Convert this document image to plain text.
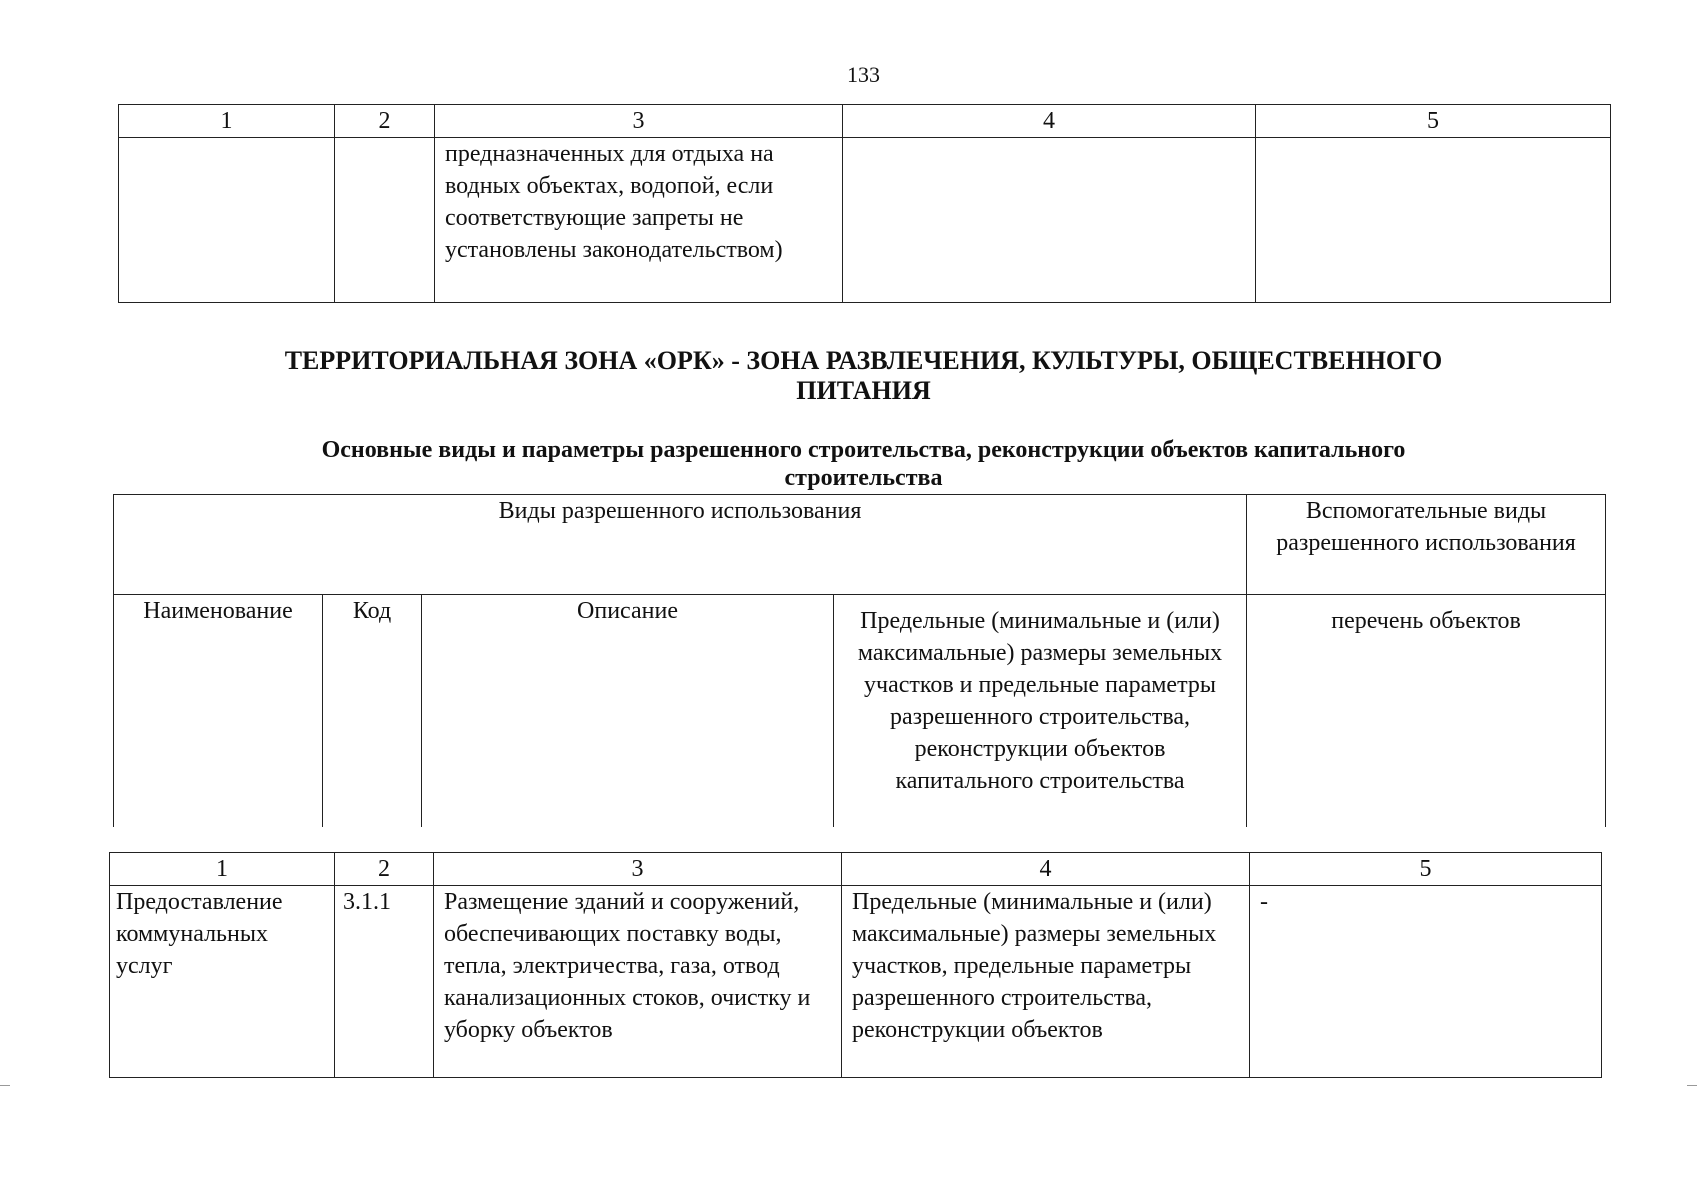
133
1	2	3	4	5
		предназначенных для отдыха на водных объектах, водопой, если соответствующие запреты не установлены законодательством)		
ТЕРРИТОРИАЛЬНАЯ ЗОНА «ОРК» - ЗОНА РАЗВЛЕЧЕНИЯ, КУЛЬТУРЫ, ОБЩЕСТВЕННОГО
ПИТАНИЯ
Основные виды и параметры разрешенного строительства, реконструкции объектов капитального
строительства
Виды разрешенного использования				Вспомогательные виды разрешенного использования
Наименование	Код	Описание	Предельные (минимальные и (или) максимальные) размеры земельных участков и предельные параметры разрешенного строительства, реконструкции объектов капитального строительства	перечень объектов
1	2	3	4	5
Предоставление коммунальных услуг	3.1.1	Размещение зданий и сооружений, обеспечивающих поставку воды, тепла, электричества, газа, отвод канализационных стоков, очистку и уборку объектов	Предельные (минимальные и (или) максимальные) размеры земельных участков, предельные параметры разрешенного строительства, реконструкции объектов	-
